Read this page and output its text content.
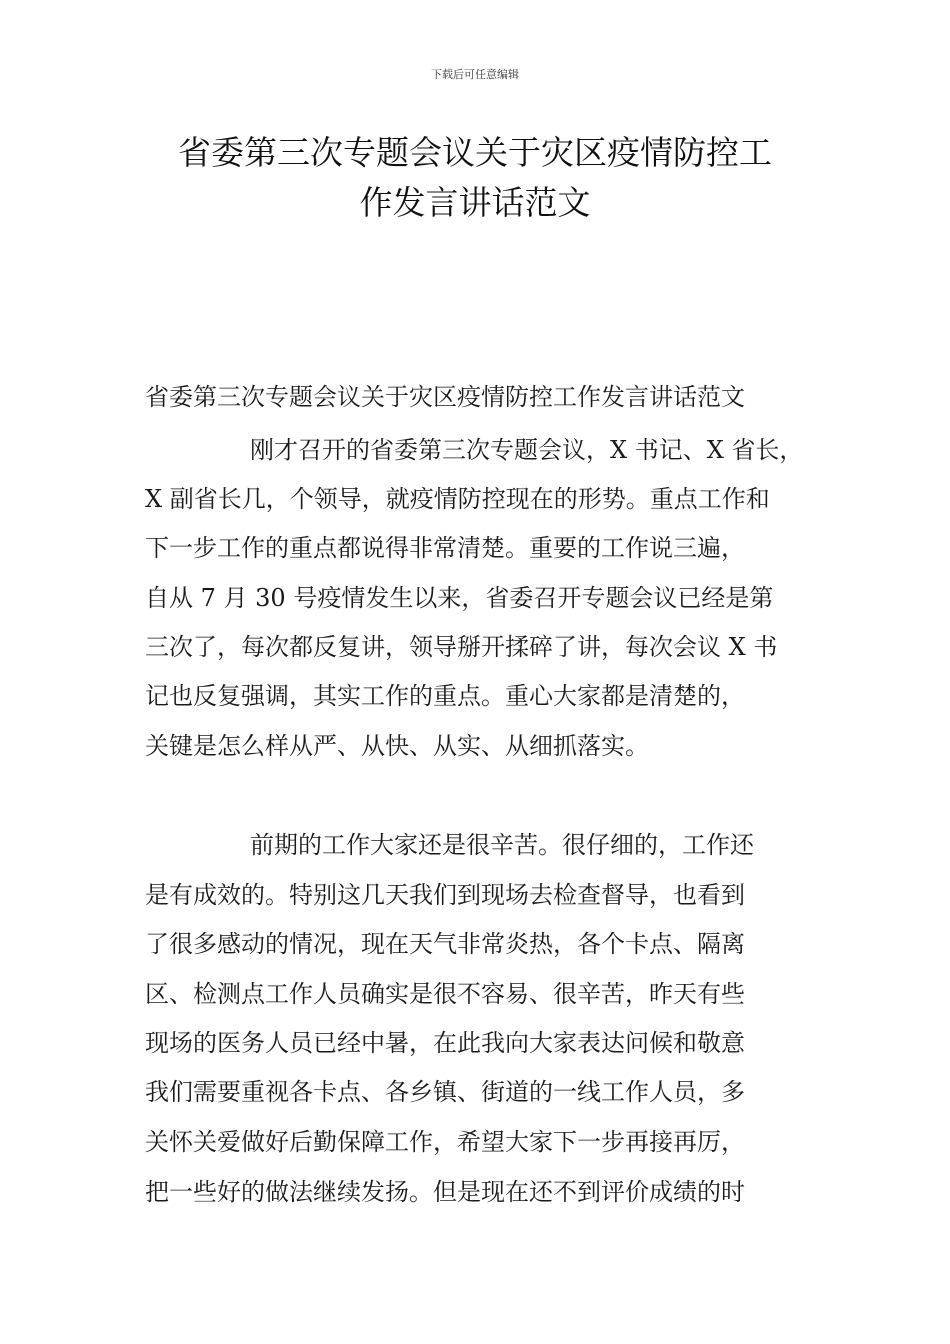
下载后可任意编辑
省委第三次专题会议关于灾区疫情防控工
作发言讲话范文
省委第三次专题会议关于灾区疫情防控工作发言讲话范文
刚才召开的省委第三次专题会议，X 书记、X 省长，
X 副省长几，个领导，就疫情防控现在的形势。重点工作和
下一步工作的重点都说得非常清楚。重要的工作说三遍，
自从 7 月 30 号疫情发生以来，省委召开专题会议已经是第
三次了，每次都反复讲，领导掰开揉碎了讲，每次会议 X 书
记也反复强调，其实工作的重点。重心大家都是清楚的，
关键是怎么样从严、从快、从实、从细抓落实。
前期的工作大家还是很辛苦。很仔细的，工作还
是有成效的。特别这几天我们到现场去检查督导，也看到
了很多感动的情况，现在天气非常炎热，各个卡点、隔离
区、检测点工作人员确实是很不容易、很辛苦，昨天有些
现场的医务人员已经中暑，在此我向大家表达问候和敬意
我们需要重视各卡点、各乡镇、街道的一线工作人员，多
关怀关爱做好后勤保障工作，希望大家下一步再接再厉，
把一些好的做法继续发扬。但是现在还不到评价成绩的时
